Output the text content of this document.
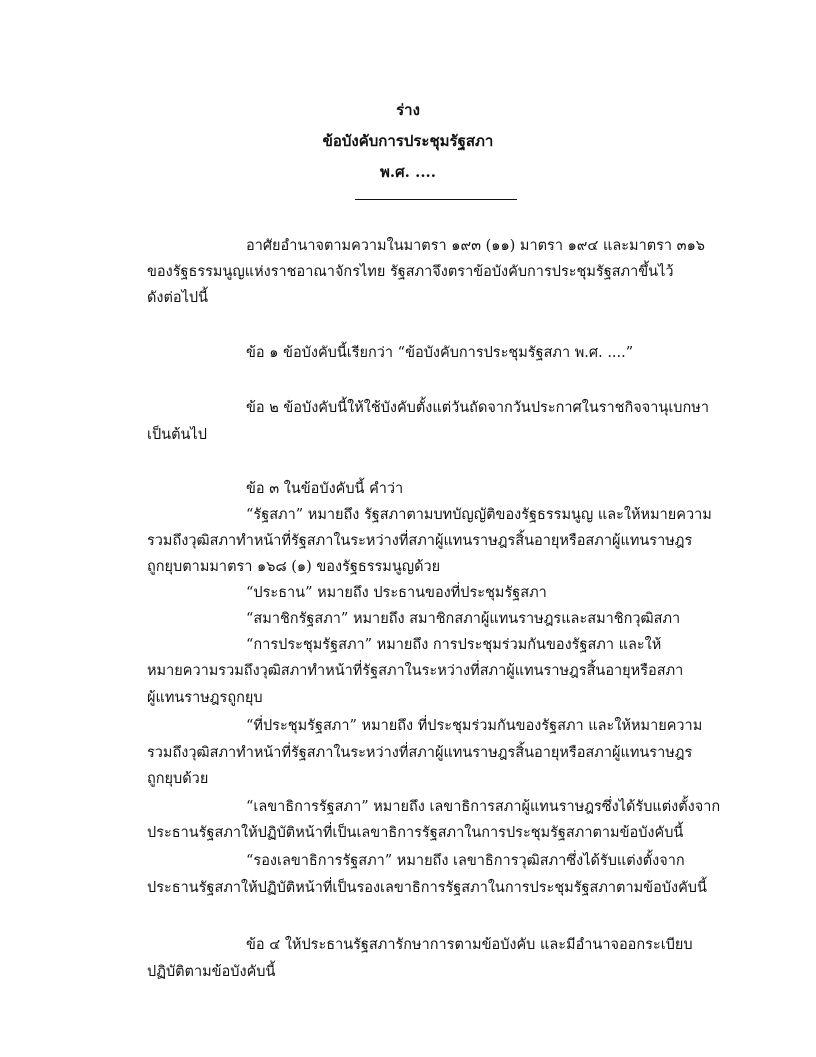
ร่าง
ข้อบังคับการประชุมรัฐสภา
พ.ศ. ....
อาศัยอำนาจตามความในมาตรา ๑๙๓ (๑๑) มาตรา ๑๙๔ และมาตรา ๓๑๖
ของรัฐธรรมนูญแห่งราชอาณาจักรไทย รัฐสภาจึงตราข้อบังคับการประชุมรัฐสภาขึ้นไว้
ดังต่อไปนี้
ข้อ ๑ ข้อบังคับนี้เรียกว่า “ข้อบังคับการประชุมรัฐสภา พ.ศ. ....”
ข้อ ๒ ข้อบังคับนี้ให้ใช้บังคับตั้งแต่วันถัดจากวันประกาศในราชกิจจานุเบกษา
เป็นต้นไป
ข้อ ๓ ในข้อบังคับนี้ คำว่า
“รัฐสภา” หมายถึง รัฐสภาตามบทบัญญัติของรัฐธรรมนูญ และให้หมายความ
รวมถึงวุฒิสภาทำหน้าที่รัฐสภาในระหว่างที่สภาผู้แทนราษฎรสิ้นอายุหรือสภาผู้แทนราษฎร
ถูกยุบตามมาตรา ๑๖๘ (๑) ของรัฐธรรมนูญด้วย
“ประธาน” หมายถึง ประธานของที่ประชุมรัฐสภา
“สมาชิกรัฐสภา” หมายถึง สมาชิกสภาผู้แทนราษฎรและสมาชิกวุฒิสภา
“การประชุมรัฐสภา” หมายถึง การประชุมร่วมกันของรัฐสภา และให้
หมายความรวมถึงวุฒิสภาทำหน้าที่รัฐสภาในระหว่างที่สภาผู้แทนราษฎรสิ้นอายุหรือสภา
ผู้แทนราษฎรถูกยุบ
“ที่ประชุมรัฐสภา” หมายถึง ที่ประชุมร่วมกันของรัฐสภา และให้หมายความ
รวมถึงวุฒิสภาทำหน้าที่รัฐสภาในระหว่างที่สภาผู้แทนราษฎรสิ้นอายุหรือสภาผู้แทนราษฎร
ถูกยุบด้วย
“เลขาธิการรัฐสภา” หมายถึง เลขาธิการสภาผู้แทนราษฎรซึ่งได้รับแต่งตั้งจาก
ประธานรัฐสภาให้ปฏิบัติหน้าที่เป็นเลขาธิการรัฐสภาในการประชุมรัฐสภาตามข้อบังคับนี้
“รองเลขาธิการรัฐสภา” หมายถึง เลขาธิการวุฒิสภาซึ่งได้รับแต่งตั้งจาก
ประธานรัฐสภาให้ปฏิบัติหน้าที่เป็นรองเลขาธิการรัฐสภาในการประชุมรัฐสภาตามข้อบังคับนี้
ข้อ ๔ ให้ประธานรัฐสภารักษาการตามข้อบังคับ และมีอำนาจออกระเบียบ
ปฏิบัติตามข้อบังคับนี้
